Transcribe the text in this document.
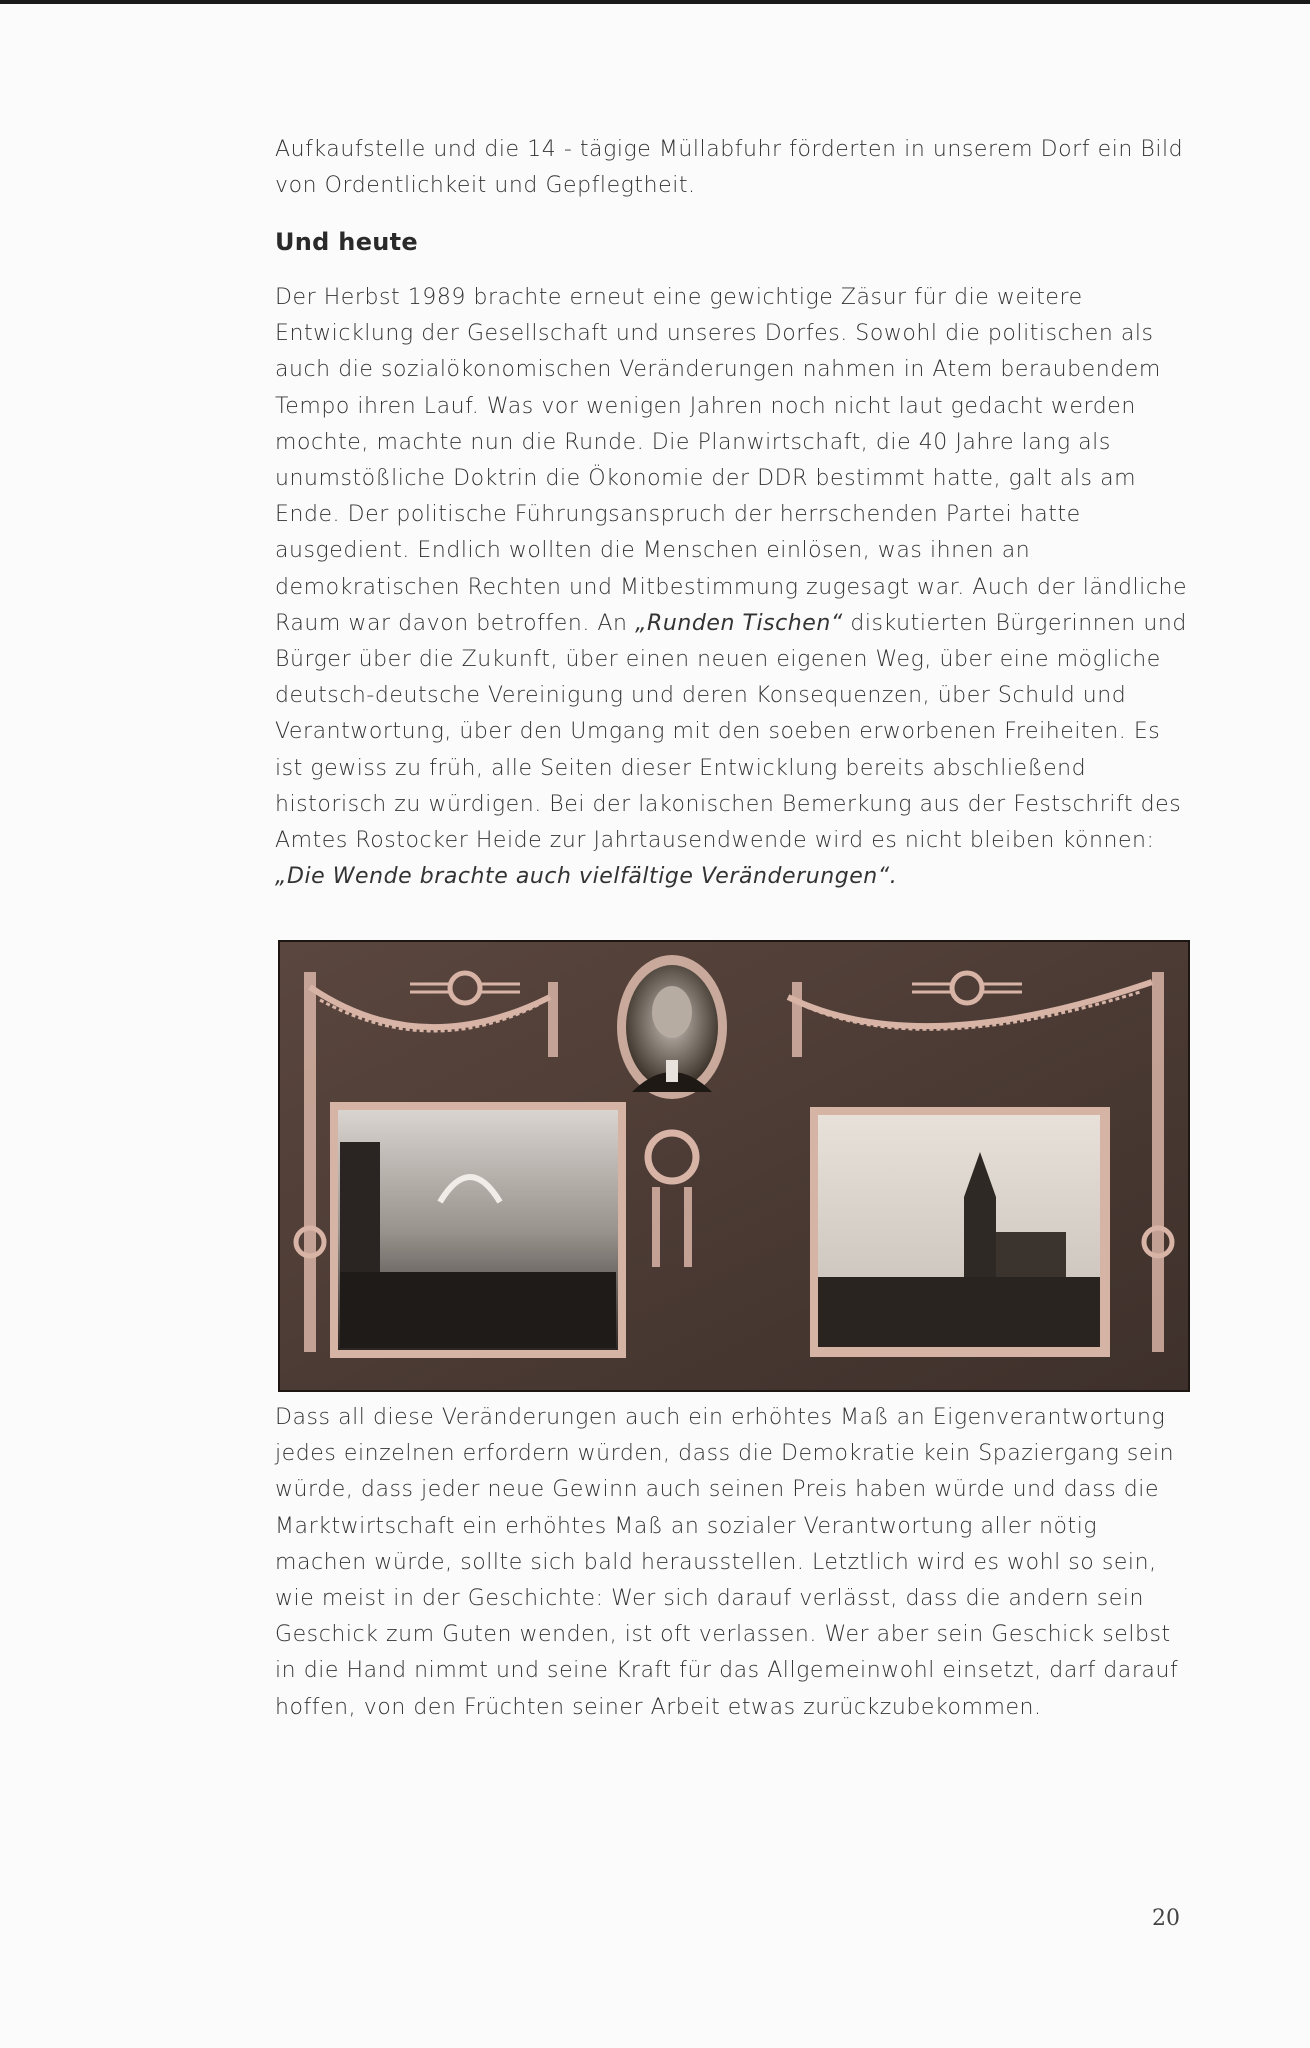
Aufkaufstelle und die 14 - tägige Müllabfuhr förderten in unserem Dorf ein Bild von Ordentlichkeit und Gepflegtheit.

Und heute

Der Herbst 1989 brachte erneut eine gewichtige Zäsur für die weitere Entwicklung der Gesellschaft und unseres Dorfes. Sowohl die politischen als auch die sozialökonomischen Veränderungen nahmen in Atem beraubendem Tempo ihren Lauf. Was vor wenigen Jahren noch nicht laut gedacht werden mochte, machte nun die Runde. Die Planwirtschaft, die 40 Jahre lang als unumstößliche Doktrin die Ökonomie der DDR bestimmt hatte, galt als am Ende. Der politische Führungsanspruch der herrschenden Partei hatte ausgedient. Endlich wollten die Menschen einlösen, was ihnen an demokratischen Rechten und Mitbestimmung zugesagt war. Auch der ländliche Raum war davon betroffen. An „Runden Tischen“ diskutierten Bürgerinnen und Bürger über die Zukunft, über einen neuen eigenen Weg, über eine mögliche deutsch-deutsche Vereinigung und deren Konsequenzen, über Schuld und Verantwortung, über den Umgang mit den soeben erworbenen Freiheiten. Es ist gewiss zu früh, alle Seiten dieser Entwicklung bereits abschließend historisch zu würdigen. Bei der lakonischen Bemerkung aus der Festschrift des Amtes Rostocker Heide zur Jahrtausendwende wird es nicht bleiben können: „Die Wende brachte auch vielfältige Veränderungen“.

Dass all diese Veränderungen auch ein erhöhtes Maß an Eigenverantwortung jedes einzelnen erfordern würden, dass die Demokratie kein Spaziergang sein würde, dass jeder neue Gewinn auch seinen Preis haben würde und dass die Marktwirtschaft ein erhöhtes Maß an sozialer Verantwortung aller nötig machen würde, sollte sich bald herausstellen. Letztlich wird es wohl so sein, wie meist in der Geschichte: Wer sich darauf verlässt, dass die andern sein Geschick zum Guten wenden, ist oft verlassen. Wer aber sein Geschick selbst in die Hand nimmt und seine Kraft für das Allgemeinwohl einsetzt, darf darauf hoffen, von den Früchten seiner Arbeit etwas zurückzubekommen.

20
